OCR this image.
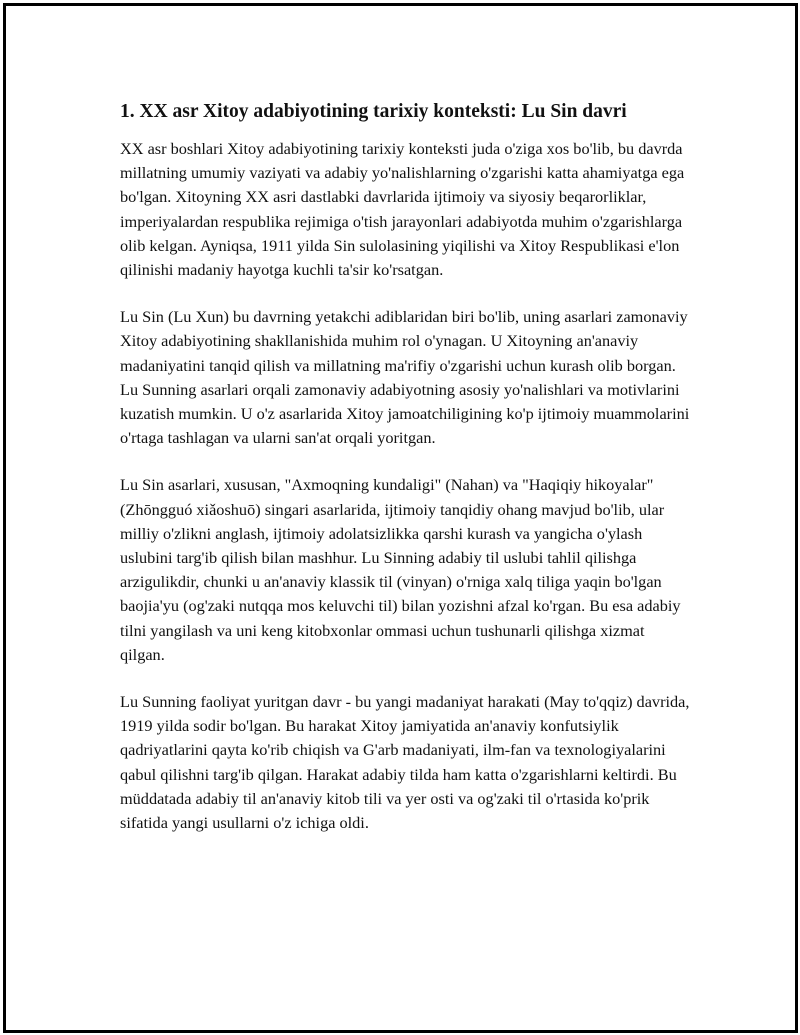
1. XX asr Xitoy adabiyotining tarixiy konteksti: Lu Sin davri

XX asr boshlari Xitoy adabiyotining tarixiy konteksti juda o'ziga xos bo'lib, bu davrda millatning umumiy vaziyati va adabiy yo'nalishlarning o'zgarishi katta ahamiyatga ega bo'lgan. Xitoyning XX asri dastlabki davrlarida ijtimoiy va siyosiy beqarorliklar, imperiyalardan respublika rejimiga o'tish jarayonlari adabiyotda muhim o'zgarishlarga olib kelgan. Ayniqsa, 1911 yilda Sin sulolasining yiqilishi va Xitoy Respublikasi e'lon qilinishi madaniy hayotga kuchli ta'sir ko'rsatgan.

Lu Sin (Lu Xun) bu davrning yetakchi adiblaridan biri bo'lib, uning asarlari zamonaviy Xitoy adabiyotining shakllanishida muhim rol o'ynagan. U Xitoyning an'anaviy madaniyatini tanqid qilish va millatning ma'rifiy o'zgarishi uchun kurash olib borgan. Lu Sunning asarlari orqali zamonaviy adabiyotning asosiy yo'nalishlari va motivlarini kuzatish mumkin. U o'z asarlarida Xitoy jamoatchiligining ko'p ijtimoiy muammolarini o'rtaga tashlagan va ularni san'at orqali yoritgan.

Lu Sin asarlari, xususan, "Axmoqning kundaligi" (Nahan) va "Haqiqiy hikoyalar" (Zhōngguó xiǎoshuō) singari asarlarida, ijtimoiy tanqidiy ohang mavjud bo'lib, ular milliy o'zlikni anglash, ijtimoiy adolatsizlikka qarshi kurash va yangicha o'ylash uslubini targ'ib qilish bilan mashhur. Lu Sinning adabiy til uslubi tahlil qilishga arzigulikdir, chunki u an'anaviy klassik til (vinyan) o'rniga xalq tiliga yaqin bo'lgan baojia'yu (og'zaki nutqqa mos keluvchi til) bilan yozishni afzal ko'rgan. Bu esa adabiy tilni yangilash va uni keng kitobxonlar ommasi uchun tushunarli qilishga xizmat qilgan.

Lu Sunning faoliyat yuritgan davr - bu yangi madaniyat harakati (May to'qqiz) davrida, 1919 yilda sodir bo'lgan. Bu harakat Xitoy jamiyatida an'anaviy konfutsiylik qadriyatlarini qayta ko'rib chiqish va G'arb madaniyati, ilm-fan va texnologiyalarini qabul qilishni targ'ib qilgan. Harakat adabiy tilda ham katta o'zgarishlarni keltirdi. Bu müddatada adabiy til an'anaviy kitob tili va yer osti va og'zaki til o'rtasida ko'prik sifatida yangi usullarni o'z ichiga oldi.
